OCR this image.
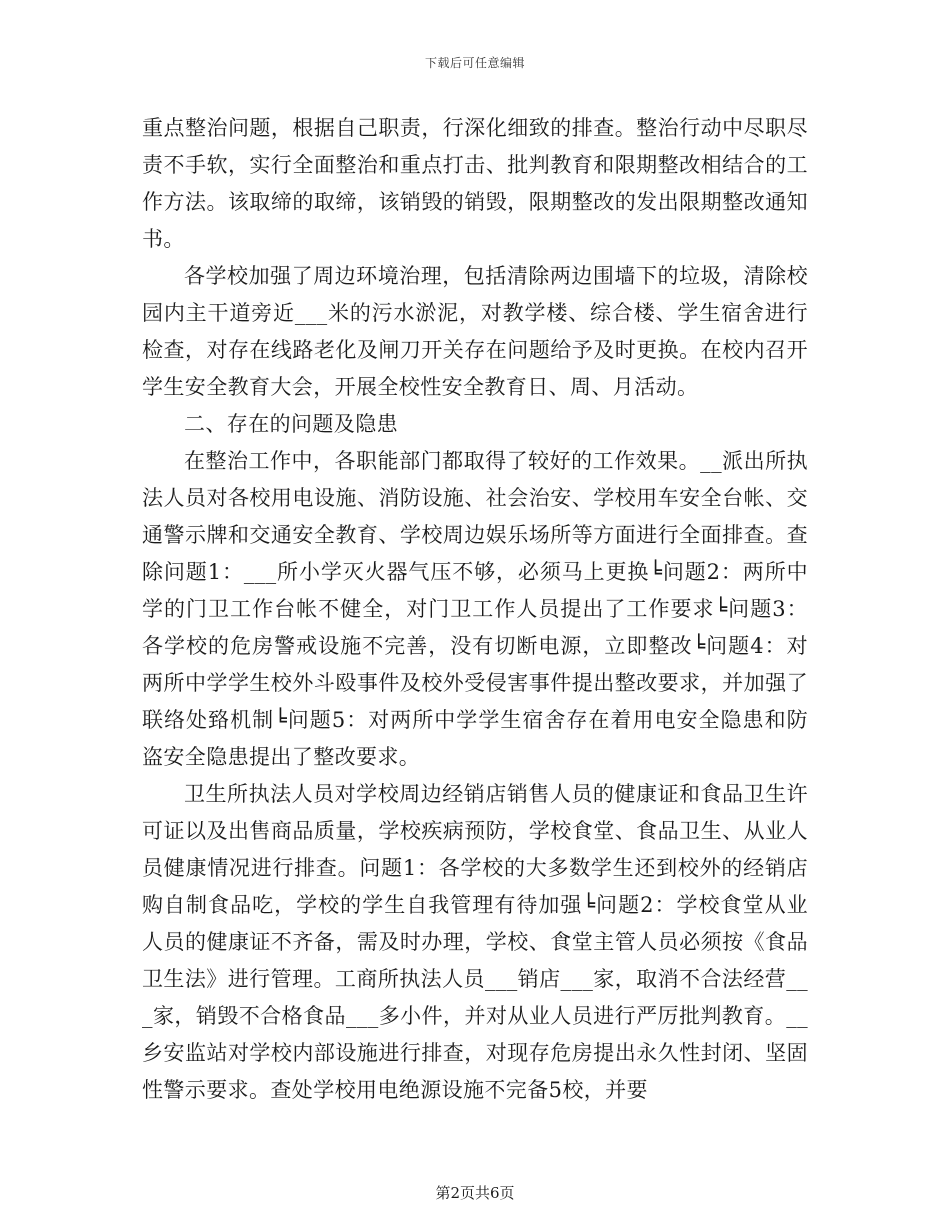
下载后可任意编辑

重点整治问题，根据自己职责，行深化细致的排查。整治行动中尽职尽责不手软，实行全面整治和重点打击、批判教育和限期整改相结合的工作方法。该取缔的取缔，该销毁的销毁，限期整改的发出限期整改通知书。

各学校加强了周边环境治理，包括清除两边围墙下的垃圾，清除校园内主干道旁近___米的污水淤泥，对教学楼、综合楼、学生宿舍进行检查，对存在线路老化及闸刀开关存在问题给予及时更换。在校内召开学生安全教育大会，开展全校性安全教育日、周、月活动。

二、存在的问题及隐患

在整治工作中，各职能部门都取得了较好的工作效果。__派出所执法人员对各校用电设施、消防设施、社会治安、学校用车安全台帐、交通警示牌和交通安全教育、学校周边娱乐场所等方面进行全面排查。查除问题1：___所小学灭火器气压不够，必须马上更换╘问题2：两所中学的门卫工作台帐不健全，对门卫工作人员提出了工作要求╘问题3：各学校的危房警戒设施不完善，没有切断电源，立即整改╘问题4：对两所中学学生校外斗殴事件及校外受侵害事件提出整改要求，并加强了联络处臵机制╘问题5：对两所中学学生宿舍存在着用电安全隐患和防盗安全隐患提出了整改要求。

卫生所执法人员对学校周边经销店销售人员的健康证和食品卫生许可证以及出售商品质量，学校疾病预防，学校食堂、食品卫生、从业人员健康情况进行排查。问题1：各学校的大多数学生还到校外的经销店购自制食品吃，学校的学生自我管理有待加强╘问题2：学校食堂从业人员的健康证不齐备，需及时办理，学校、食堂主管人员必须按《食品卫生法》进行管理。工商所执法人员___销店___家，取消不合法经营___家，销毁不合格食品___多小件，并对从业人员进行严厉批判教育。__乡安监站对学校内部设施进行排查，对现存危房提出永久性封闭、坚固性警示要求。查处学校用电绝源设施不完备5校，并要

第2页共6页
